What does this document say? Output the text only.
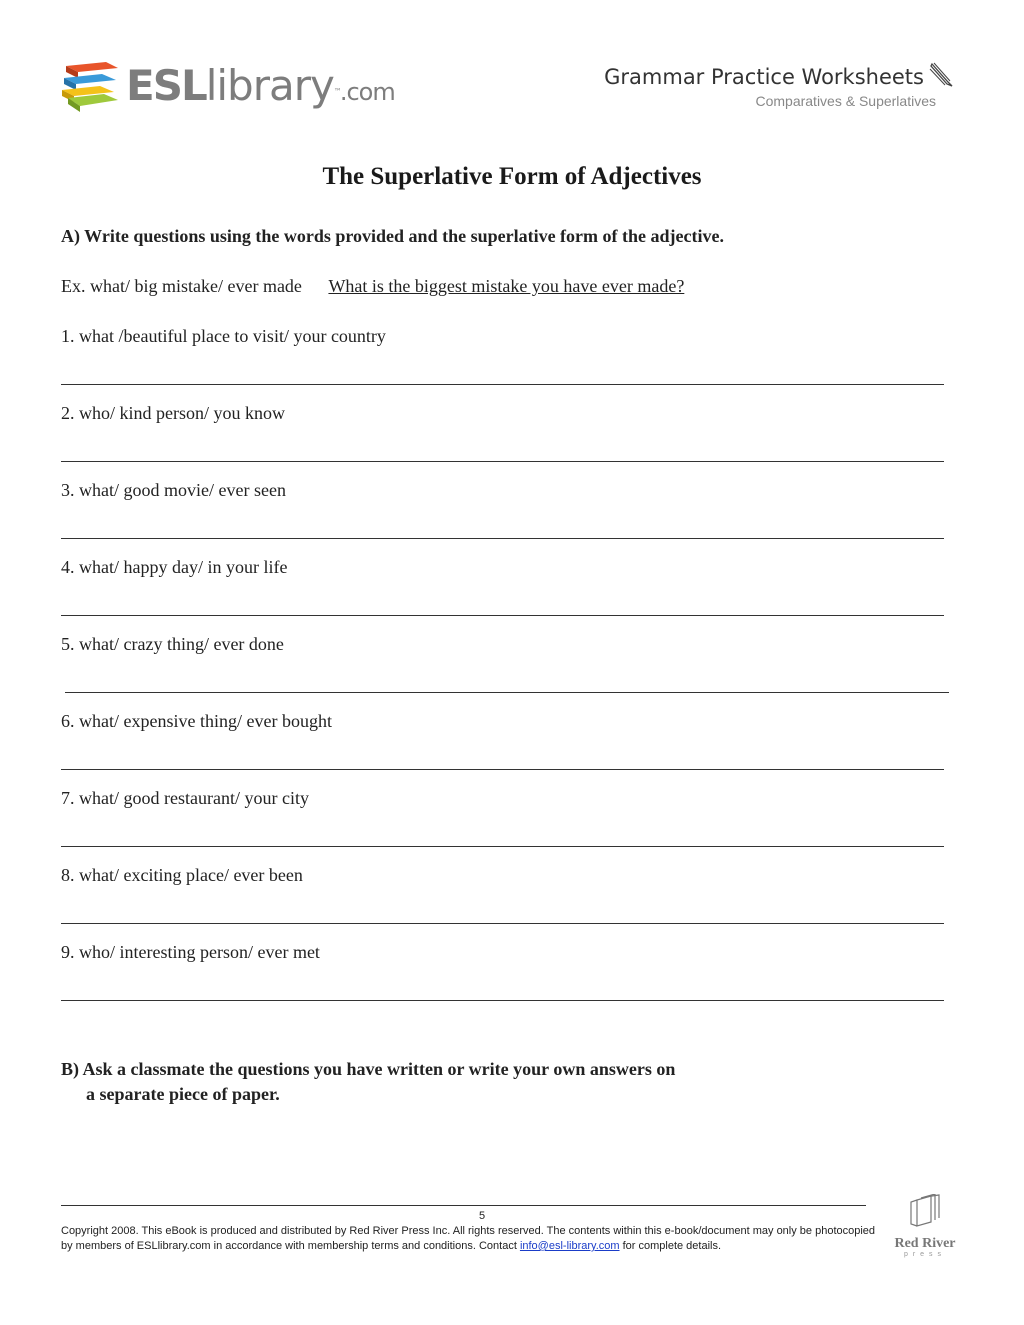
ESLlibrary™.com
Grammar Practice Worksheets
Comparatives & Superlatives
The Superlative Form of Adjectives
A) Write questions using the words provided and the superlative form of the adjective.
Ex. what/ big mistake/ ever made What is the biggest mistake you have ever made?
1. what /beautiful place to visit/ your country
2. who/ kind person/ you know
3. what/ good movie/ ever seen
4. what/ happy day/ in your life
5. what/ crazy thing/ ever done
6. what/ expensive thing/ ever bought
7. what/ good restaurant/ your city
8. what/ exciting place/ ever been
9. who/ interesting person/ ever met
B) Ask a classmate the questions you have written or write your own answers on
a separate piece of paper.
5
Copyright 2008. This eBook is produced and distributed by Red River Press Inc. All rights reserved. The contents within this e-book/document may only be photocopied by members of ESLlibrary.com in accordance with membership terms and conditions. Contact info@esl-library.com for complete details.	Red River
press
